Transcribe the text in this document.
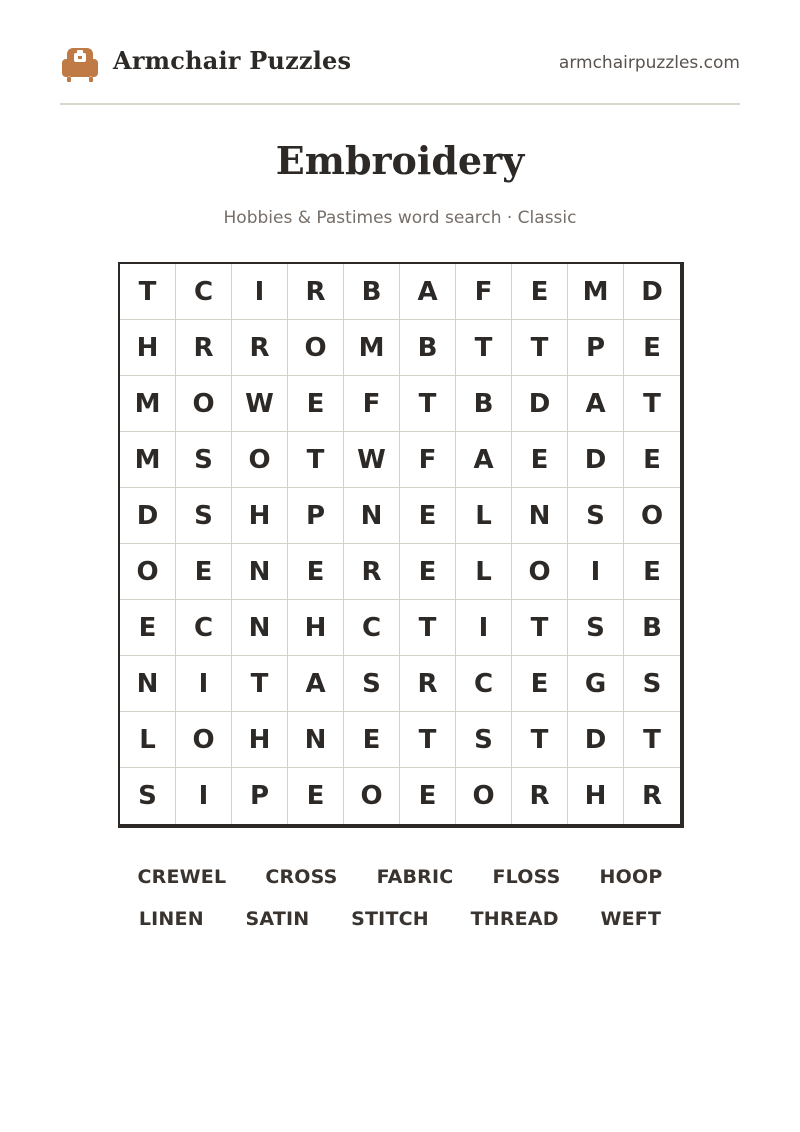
Armchair Puzzles	armchairpuzzles.com
Embroidery
Hobbies & Pastimes word search · Classic
T	C	I	R	B	A	F	E	M	D
H	R	R	O	M	B	T	T	P	E
M	O	W	E	F	T	B	D	A	T
M	S	O	T	W	F	A	E	D	E
D	S	H	P	N	E	L	N	S	O
O	E	N	E	R	E	L	O	I	E
E	C	N	H	C	T	I	T	S	B
N	I	T	A	S	R	C	E	G	S
L	O	H	N	E	T	S	T	D	T
S	I	P	E	O	E	O	R	H	R
CREWEL CROSS FABRIC FLOSS HOOP
LINEN SATIN STITCH THREAD WEFT
